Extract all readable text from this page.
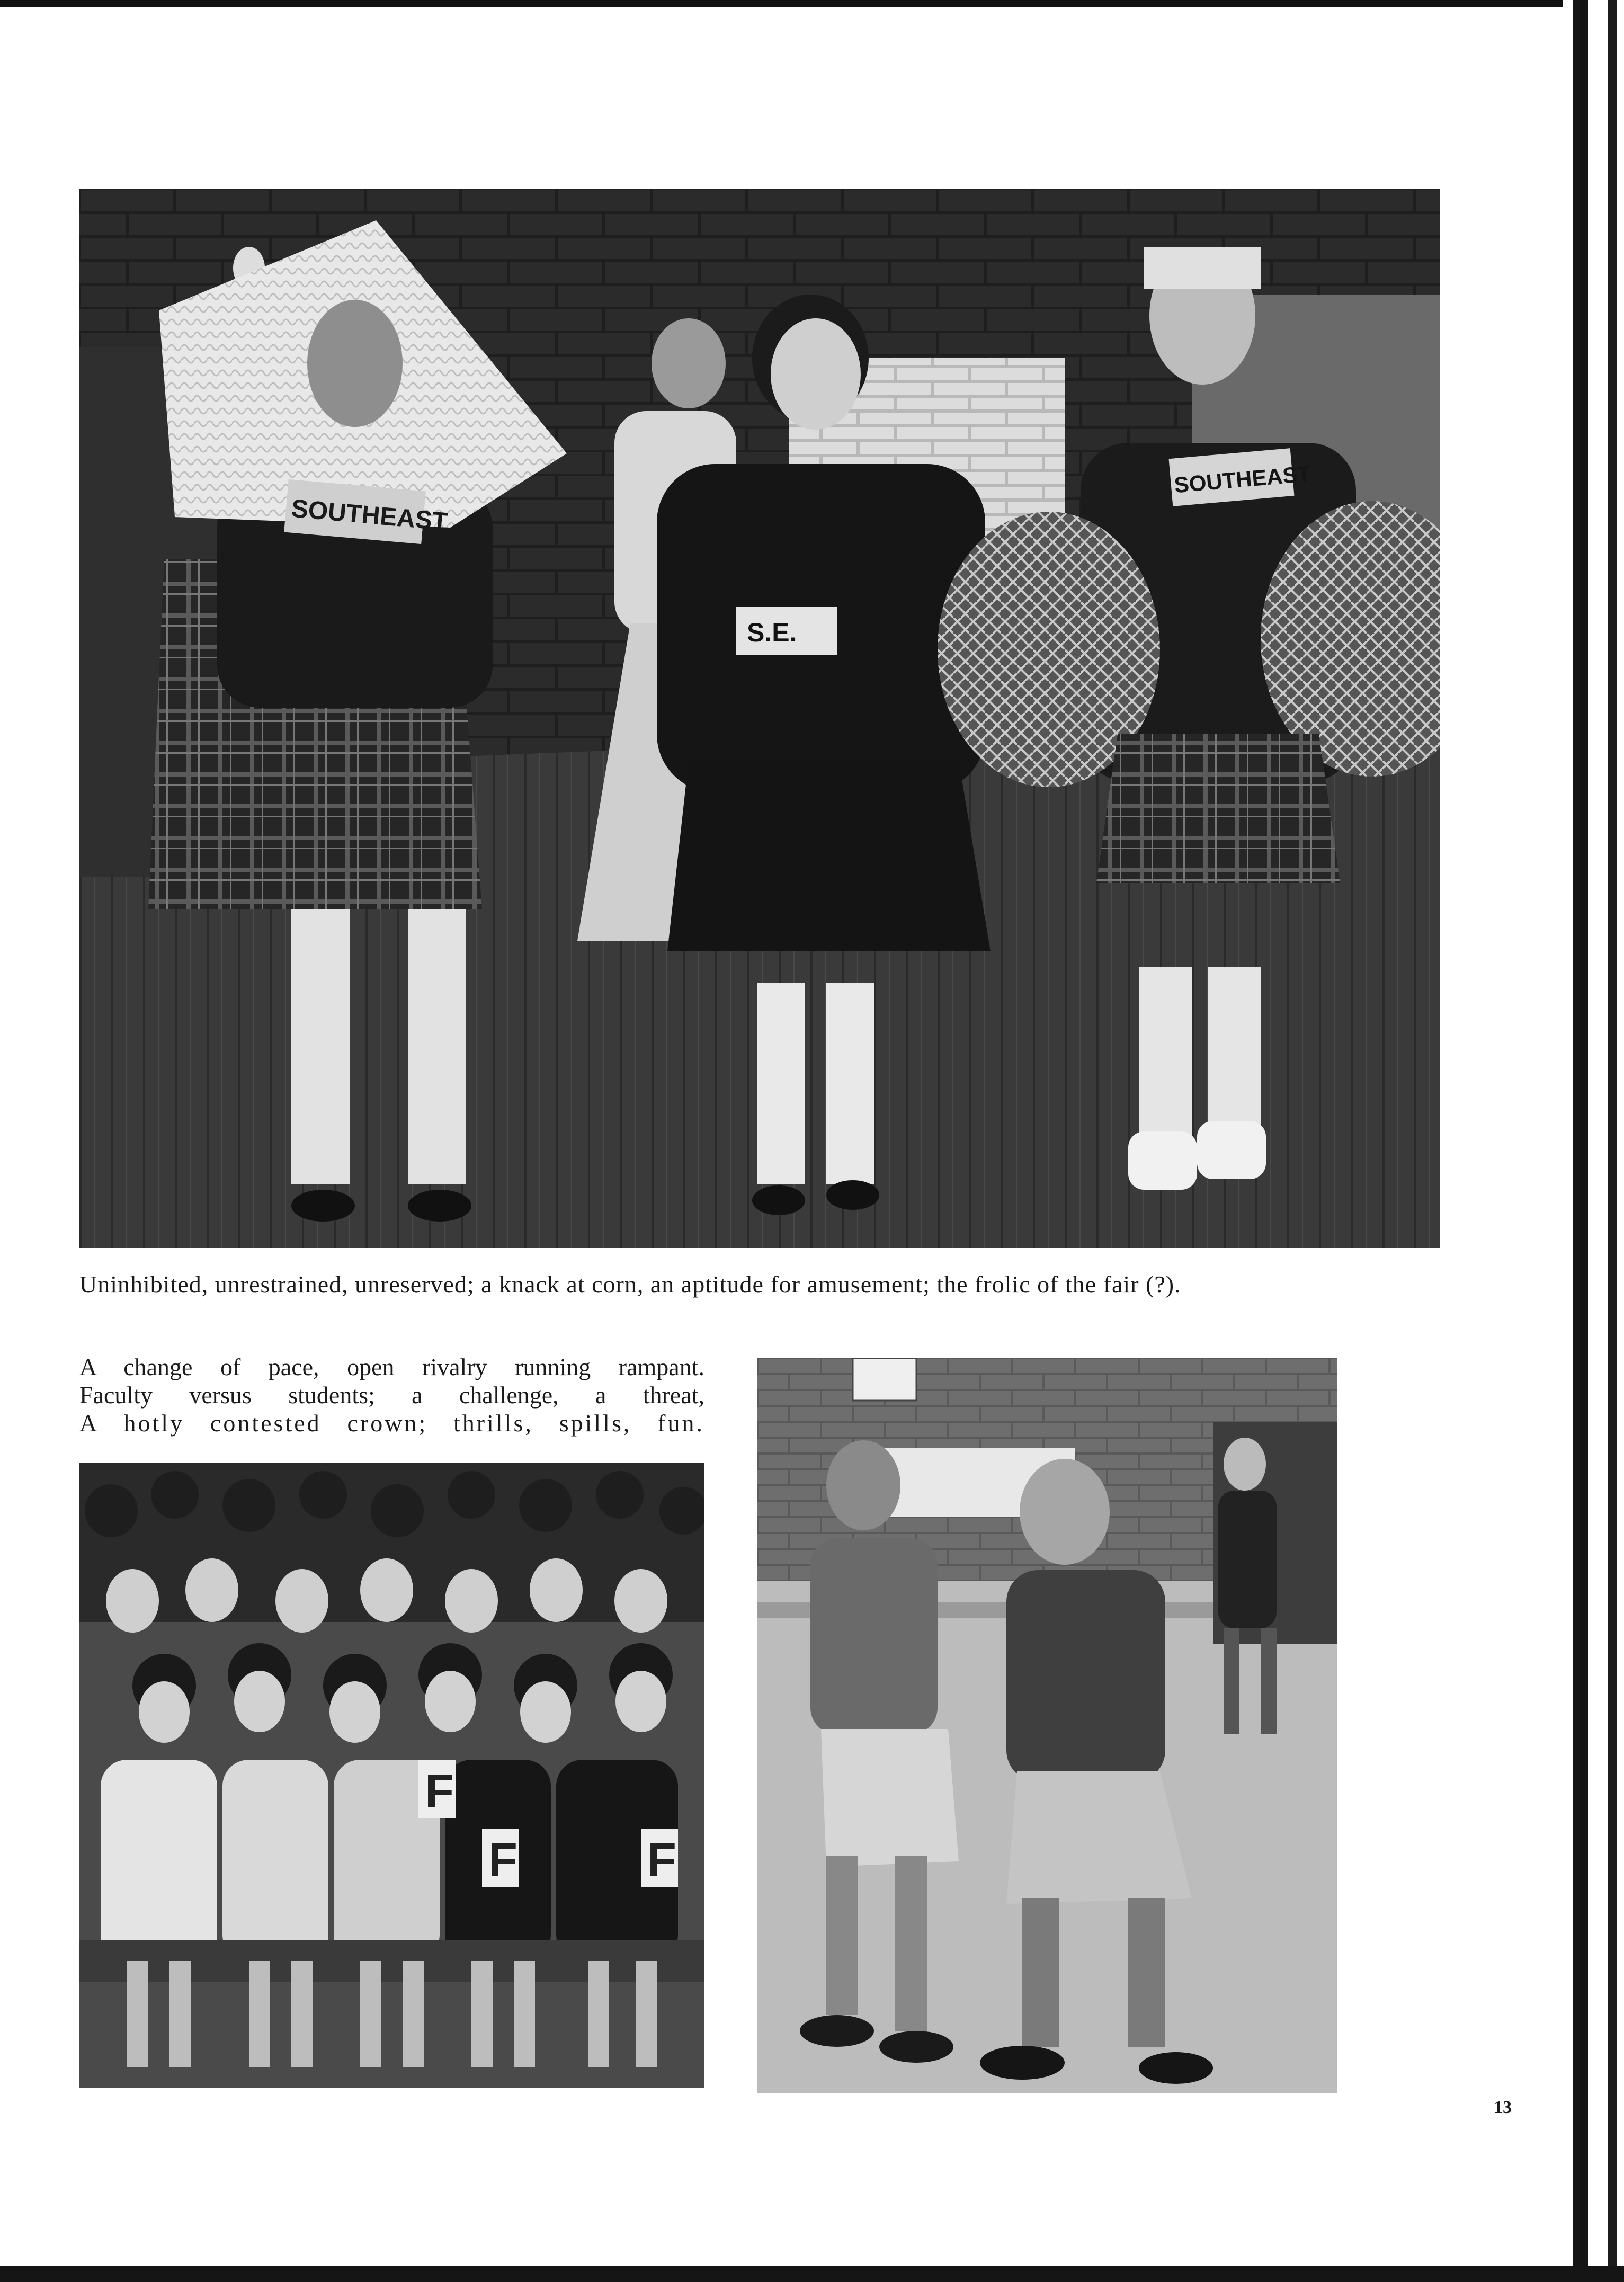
SOUTHEAST
S.E.
SOUTHEAST
Uninhibited, unrestrained, unreserved; a knack at corn, an aptitude for amusement; the frolic of the fair (?).
A change of pace, open rivalry running rampant.
Faculty versus students; a challenge, a threat,
A hotly contested crown; thrills, spills, fun.
F
F	F
13
